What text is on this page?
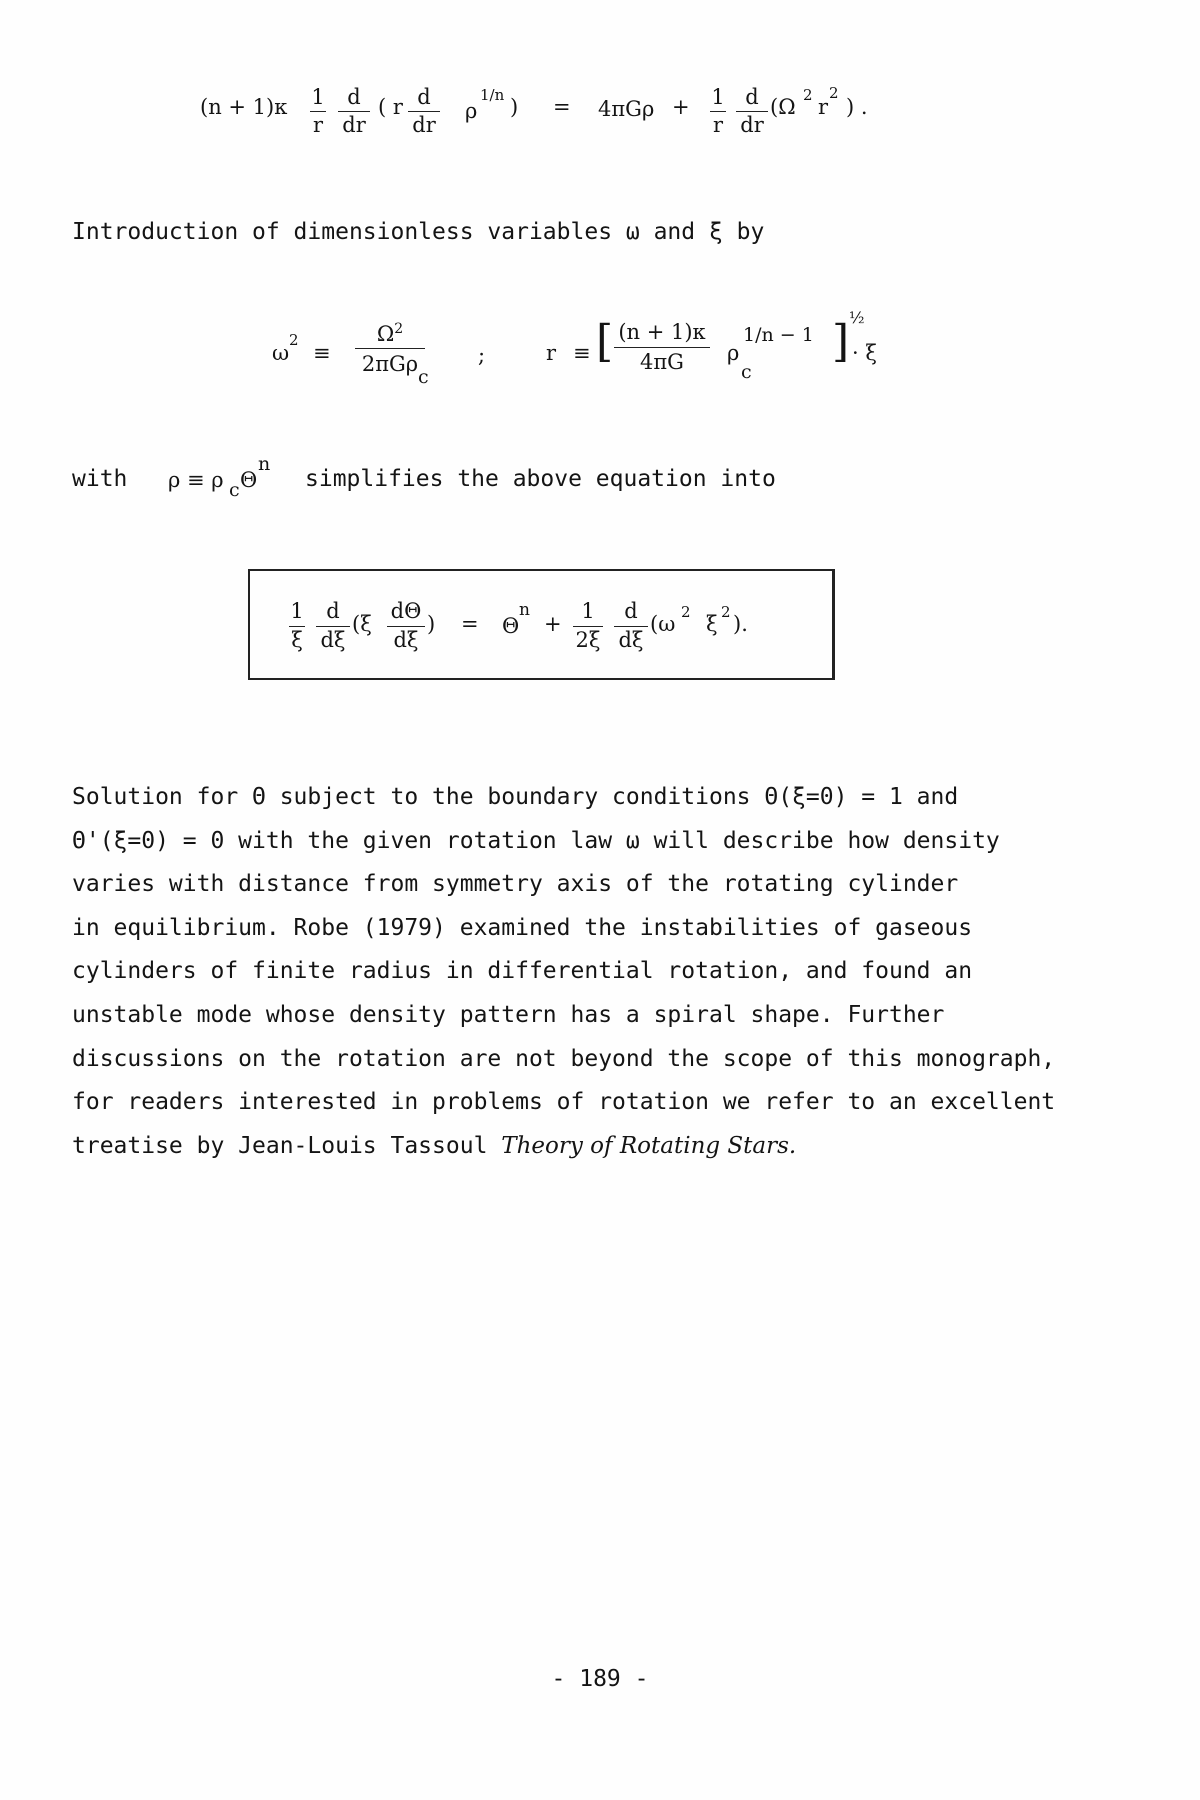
(n + 1)κ 1
r
d
dr
( r d
dr
ρ
1/n ) = 4πGρ + 1
r
d
dr
(Ω 2 r
2
) .
Introduction of dimensionless variables ω and ξ by
ω
2
≡
$\Omega^2$
2πGρ
c
;	r ≡ [ (n + 1)κ
4πG	ρ
c
1/n − 1 ] ½
· ξ
with ρ ≡ ρ c Θ
n
simplifies the above equation into
1
ξ
d
dξ
(ξ
dΘ
dξ
) = Θ
n
+
1
2ξ
d
dξ
(ω 2 ξ 2 ).
Solution for Θ subject to the boundary conditions Θ(ξ=0) = 1 and
Θ'(ξ=0) = 0 with the given rotation law ω will describe how density
varies with distance from symmetry axis of the rotating cylinder
in equilibrium. Robe (1979) examined the instabilities of gaseous
cylinders of finite radius in differential rotation, and found an
unstable mode whose density pattern has a spiral shape. Further
discussions on the rotation are not beyond the scope of this monograph,
for readers interested in problems of rotation we refer to an excellent
treatise by Jean-Louis Tassoul Theory of Rotating Stars.
- 189 -
